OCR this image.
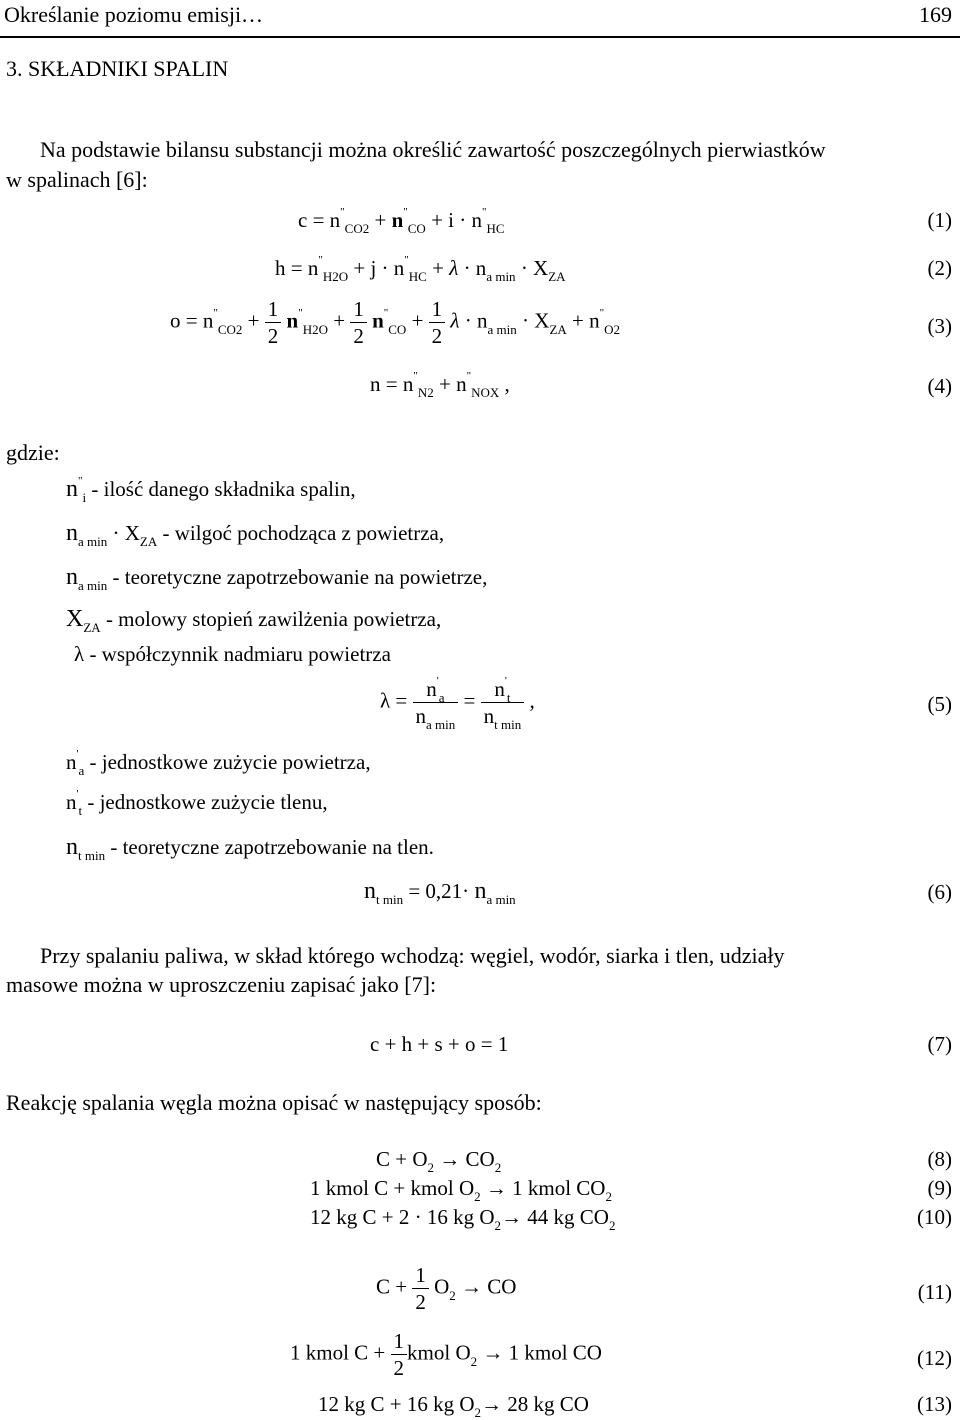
Określanie poziomu emisji…	169
3. SKŁADNIKI SPALIN
Na podstawie bilansu substancji można określić zawartość poszczególnych pierwiastków
w spalinach [6]:
$c = n^"_{CO2} + n^"_{CO} + i \cdot n^"_{HC}$	(1)
$h = n^"_{H2O} + j \cdot n^"_{HC} + \lambda \cdot n_{a min} \cdot X_{ZA}$	(2)
$o = n^"_{CO2} + \frac{1}{2} n^"_{H2O} + \frac{1}{2} n^"_{CO} + \frac{1}{2}$ $\lambda \cdot n_{a min} \cdot X_{ZA} + n^"_{O2}$	(3)
$n = n^"_{N2} + n^"_{NOX}$ ,	(4)
gdzie:
$n^"_i$ - ilość danego składnika spalin,
$n_{a min} \cdot X_{ZA}$ - wilgoć pochodząca z powietrza,
$n_{a min}$ - teoretyczne zapotrzebowanie na powietrze,
$X_{ZA}$ - molowy stopień zawilżenia powietrza,
λ - współczynnik nadmiaru powietrza
$\lambda = \frac{n'_a}{n_{a min}} = \frac{n'_t}{n_{t min}}$ ,	(5)
$n'_a$ - jednostkowe zużycie powietrza,
$n'_t$ - jednostkowe zużycie tlenu,
$n_{t min}$ - teoretyczne zapotrzebowanie na tlen.
$n_{t min} = 0,21\cdot n_{a min}$	(6)
Przy spalaniu paliwa, w skład którego wchodzą: węgiel, wodór, siarka i tlen, udziały
masowe można w uproszczeniu zapisać jako [7]:
c + h + s + o = 1	(7)
Reakcję spalania węgla można opisać w następujący sposób:
$C + O_2 \to CO_2$	(8)
1 kmol C + kmol $O_2 \to 1$ kmol $CO_2$	(9)
12 kg C + 2 · 16 kg $O_2\to 44$ kg $CO_2$	(10)
$C + \frac{1}{2} O_2$ → CO	(11)
1 kmol $C + \frac{1}{2}$ kmol $O_2 \to 1$ kmol CO	(12)
12 kg C + 16 kg $O_2\to 28$ kg CO	(13)
